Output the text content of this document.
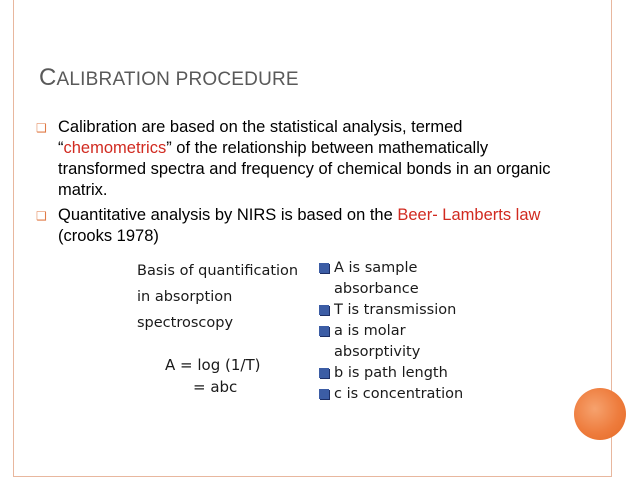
CALIBRATION PROCEDURE
❑ Calibration are based on the statistical analysis, termed “chemometrics” of the relationship between mathematically transformed spectra and frequency of chemical bonds in an organic matrix.
❑ Quantitative analysis by NIRS is based on the Beer- Lamberts law (crooks 1978)
Basis of quantification
in absorption
spectroscopy
A = log (1/T)
= abc
A is sample
absorbance
T is transmission
a is molar
absorptivity
b is path length
c is concentration
